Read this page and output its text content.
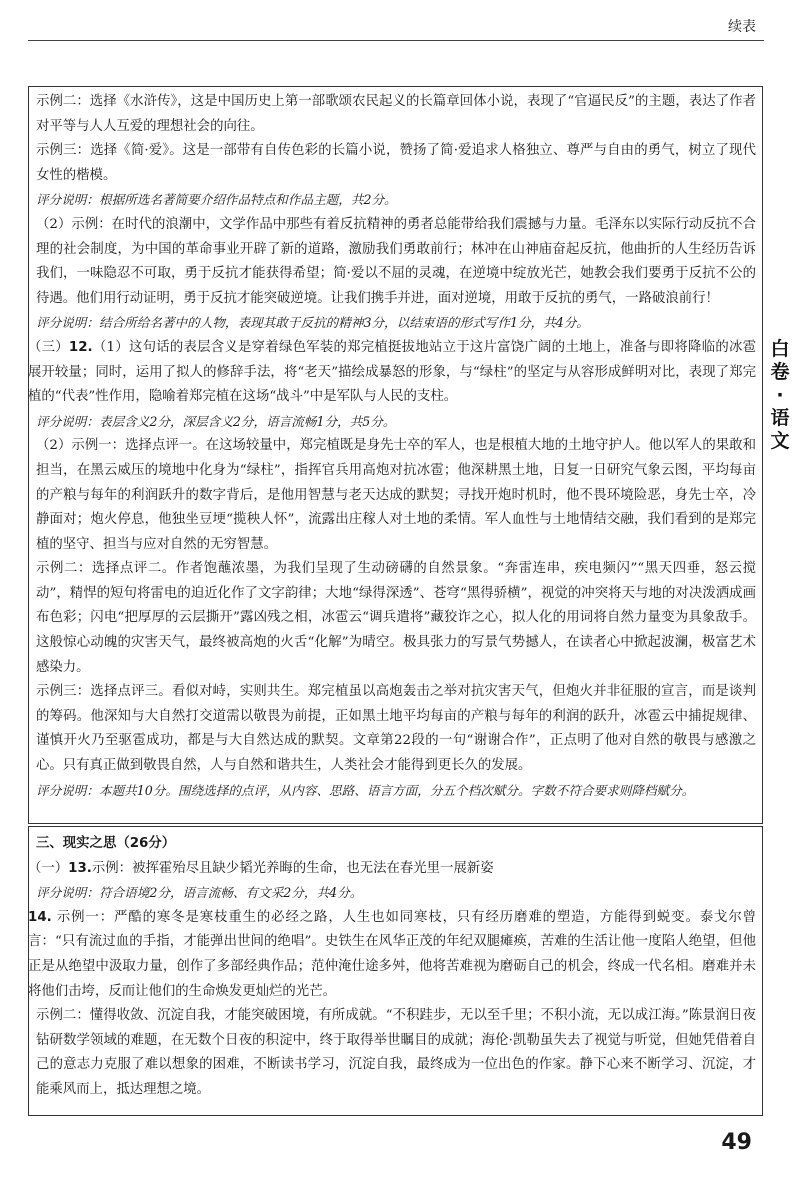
续表
白
卷
·
语
文

示例二：选择《水浒传》，这是中国历史上第一部歌颂农民起义的长篇章回体小说，表现了“官逼民反”的主题，表达了作者对平等与人人互爱的理想社会的向往。

示例三：选择《简·爱》。这是一部带有自传色彩的长篇小说，赞扬了简·爱追求人格独立、尊严与自由的勇气，树立了现代女性的楷模。

评分说明：根据所选名著简要介绍作品特点和作品主题，共2分。

（2）示例：在时代的浪潮中，文学作品中那些有着反抗精神的勇者总能带给我们震撼与力量。毛泽东以实际行动反抗不合理的社会制度，为中国的革命事业开辟了新的道路，激励我们勇敢前行；林冲在山神庙奋起反抗，他曲折的人生经历告诉我们，一味隐忍不可取，勇于反抗才能获得希望；简·爱以不屈的灵魂，在逆境中绽放光芒，她教会我们要勇于反抗不公的待遇。他们用行动证明，勇于反抗才能突破逆境。让我们携手并进，面对逆境，用敢于反抗的勇气，一路破浪前行！

评分说明：结合所给名著中的人物，表现其敢于反抗的精神3分，以结束语的形式写作1分，共4分。

（三）12.（1）这句话的表层含义是穿着绿色军装的郑完植挺拔地站立于这片富饶广阔的土地上，准备与即将降临的冰雹展开较量；同时，运用了拟人的修辞手法，将“老天”描绘成暴怒的形象，与“绿柱”的坚定与从容形成鲜明对比，表现了郑完植的“代表”性作用，隐喻着郑完植在这场“战斗”中是军队与人民的支柱。

评分说明：表层含义2分，深层含义2分，语言流畅1分，共5分。

（2）示例一：选择点评一。在这场较量中，郑完植既是身先士卒的军人，也是根植大地的土地守护人。他以军人的果敢和担当，在黑云威压的境地中化身为“绿柱”，指挥官兵用高炮对抗冰雹；他深耕黑土地，日复一日研究气象云图，平均每亩的产粮与每年的利润跃升的数字背后，是他用智慧与老天达成的默契；寻找开炮时机时，他不畏环境险恶，身先士卒，冷静面对；炮火停息，他独坐豆埂“揽秧人怀”，流露出庄稼人对土地的柔情。军人血性与土地情结交融，我们看到的是郑完植的坚守、担当与应对自然的无穷智慧。

示例二：选择点评二。作者饱蘸浓墨，为我们呈现了生动磅礴的自然景象。“奔雷连串，疾电频闪”“黑天四垂，怒云搅动”，精悍的短句将雷电的迫近化作了文字韵律；大地“绿得深透”、苍穹“黑得骄横”，视觉的冲突将天与地的对决泼洒成画布色彩；闪电“把厚厚的云层撕开”露凶残之相，冰雹云“调兵遣将”藏狡诈之心，拟人化的用词将自然力量变为具象敌手。这般惊心动魄的灾害天气，最终被高炮的火舌“化解”为晴空。极具张力的写景气势撼人，在读者心中掀起波澜，极富艺术感染力。

示例三：选择点评三。看似对峙，实则共生。郑完植虽以高炮轰击之举对抗灾害天气，但炮火并非征服的宣言，而是谈判的筹码。他深知与大自然打交道需以敬畏为前提，正如黑土地平均每亩的产粮与每年的利润的跃升，冰雹云中捕捉规律、谨慎开火乃至驱雹成功，都是与大自然达成的默契。文章第22段的一句“谢谢合作”，正点明了他对自然的敬畏与感激之心。只有真正做到敬畏自然，人与自然和谐共生，人类社会才能得到更长久的发展。

评分说明：本题共10分。围绕选择的点评，从内容、思路、语言方面，分五个档次赋分。字数不符合要求则降档赋分。

三、现实之思（26分）

（一）13.示例：被挥霍殆尽且缺少韬光养晦的生命，也无法在春光里一展新姿

评分说明：符合语境2分，语言流畅、有文采2分，共4分。

14. 示例一：严酷的寒冬是寒枝重生的必经之路，人生也如同寒枝，只有经历磨难的塑造，方能得到蜕变。泰戈尔曾言：“只有流过血的手指，才能弹出世间的绝唱”。史铁生在风华正茂的年纪双腿瘫痪，苦难的生活让他一度陷人绝望，但他正是从绝望中汲取力量，创作了多部经典作品；范仲淹仕途多舛，他将苦难视为磨砺自己的机会，终成一代名相。磨难并未将他们击垮，反而让他们的生命焕发更灿烂的光芒。

示例二：懂得收敛、沉淀自我，才能突破困境，有所成就。“不积跬步，无以至千里；不积小流，无以成江海。”陈景润日夜钻研数学领域的难题，在无数个日夜的积淀中，终于取得举世瞩目的成就；海伦·凯勒虽失去了视觉与听觉，但她凭借着自己的意志力克服了难以想象的困难，不断读书学习，沉淀自我，最终成为一位出色的作家。静下心来不断学习、沉淀，才能乘风而上，抵达理想之境。

49
